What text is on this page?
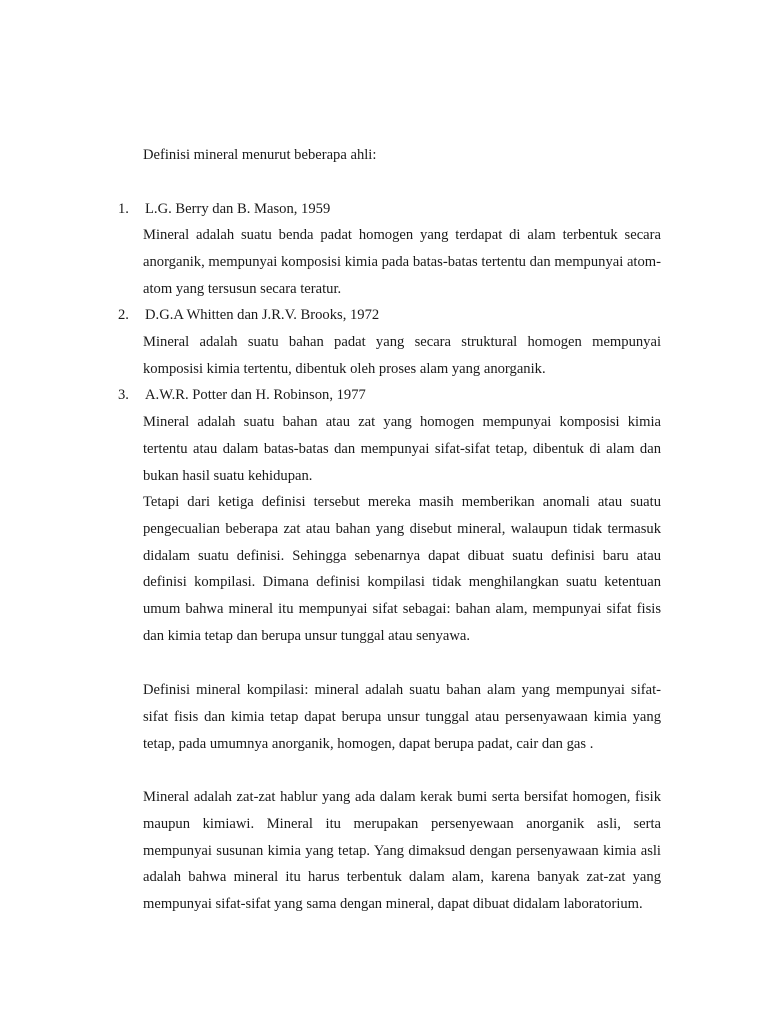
Definisi mineral menurut beberapa ahli:

1. L.G. Berry dan B. Mason, 1959

Mineral adalah suatu benda padat homogen yang terdapat di alam terbentuk secara anorganik, mempunyai komposisi kimia pada batas-batas tertentu dan mempunyai atom-atom yang tersusun secara teratur.

2. D.G.A Whitten dan J.R.V. Brooks, 1972

Mineral adalah suatu bahan padat yang secara struktural homogen mempunyai komposisi kimia tertentu, dibentuk oleh proses alam yang anorganik.

3. A.W.R. Potter dan H. Robinson, 1977

Mineral adalah suatu bahan atau zat yang homogen mempunyai komposisi kimia tertentu atau dalam batas-batas dan mempunyai sifat-sifat tetap, dibentuk di alam dan bukan hasil suatu kehidupan.

Tetapi dari ketiga definisi tersebut mereka masih memberikan anomali atau suatu pengecualian beberapa zat atau bahan yang disebut mineral, walaupun tidak termasuk didalam suatu definisi. Sehingga sebenarnya dapat dibuat suatu definisi baru atau definisi kompilasi. Dimana definisi kompilasi tidak menghilangkan suatu ketentuan umum bahwa mineral itu mempunyai sifat sebagai: bahan alam, mempunyai sifat fisis dan kimia tetap dan berupa unsur tunggal atau senyawa.

Definisi mineral kompilasi: mineral adalah suatu bahan alam yang mempunyai sifat-sifat fisis dan kimia tetap dapat berupa unsur tunggal atau persenyawaan kimia yang tetap, pada umumnya anorganik, homogen, dapat berupa padat, cair dan gas .

Mineral adalah zat-zat hablur yang ada dalam kerak bumi serta bersifat homogen, fisik maupun kimiawi. Mineral itu merupakan persenyewaan anorganik asli, serta mempunyai susunan kimia yang tetap. Yang dimaksud dengan persenyawaan kimia asli adalah bahwa mineral itu harus terbentuk dalam alam, karena banyak zat-zat yang mempunyai sifat-sifat yang sama dengan mineral, dapat dibuat didalam laboratorium.
